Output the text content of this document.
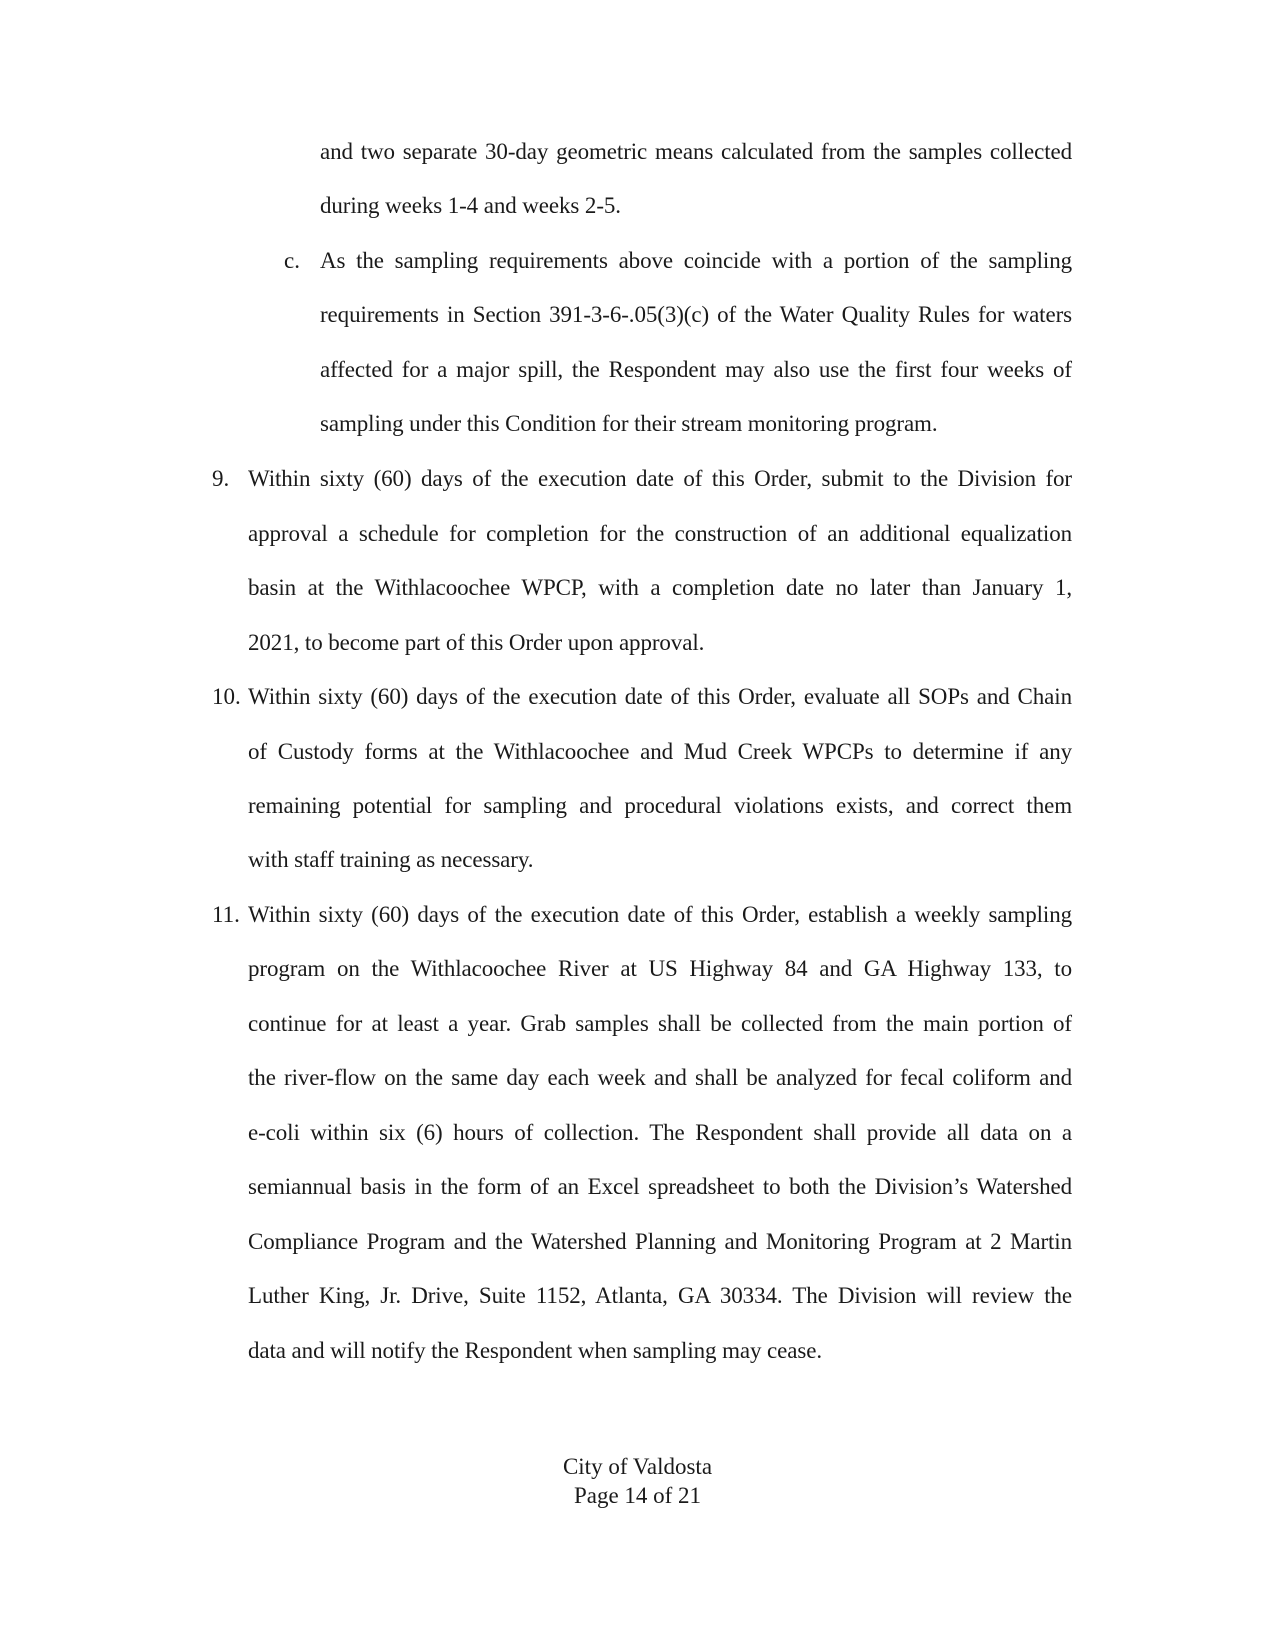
and two separate 30-day geometric means calculated from the samples collected
during weeks 1-4 and weeks 2-5.
c. As the sampling requirements above coincide with a portion of the sampling
requirements in Section 391-3-6-.05(3)(c) of the Water Quality Rules for waters
affected for a major spill, the Respondent may also use the first four weeks of
sampling under this Condition for their stream monitoring program.
9. Within sixty (60) days of the execution date of this Order, submit to the Division for
approval a schedule for completion for the construction of an additional equalization
basin at the Withlacoochee WPCP, with a completion date no later than January 1,
2021, to become part of this Order upon approval.
10. Within sixty (60) days of the execution date of this Order, evaluate all SOPs and Chain
of Custody forms at the Withlacoochee and Mud Creek WPCPs to determine if any
remaining potential for sampling and procedural violations exists, and correct them
with staff training as necessary.
11. Within sixty (60) days of the execution date of this Order, establish a weekly sampling
program on the Withlacoochee River at US Highway 84 and GA Highway 133, to
continue for at least a year. Grab samples shall be collected from the main portion of
the river-flow on the same day each week and shall be analyzed for fecal coliform and
e-coli within six (6) hours of collection. The Respondent shall provide all data on a
semiannual basis in the form of an Excel spreadsheet to both the Division’s Watershed
Compliance Program and the Watershed Planning and Monitoring Program at 2 Martin
Luther King, Jr. Drive, Suite 1152, Atlanta, GA 30334. The Division will review the
data and will notify the Respondent when sampling may cease.
City of Valdosta
Page 14 of 21
